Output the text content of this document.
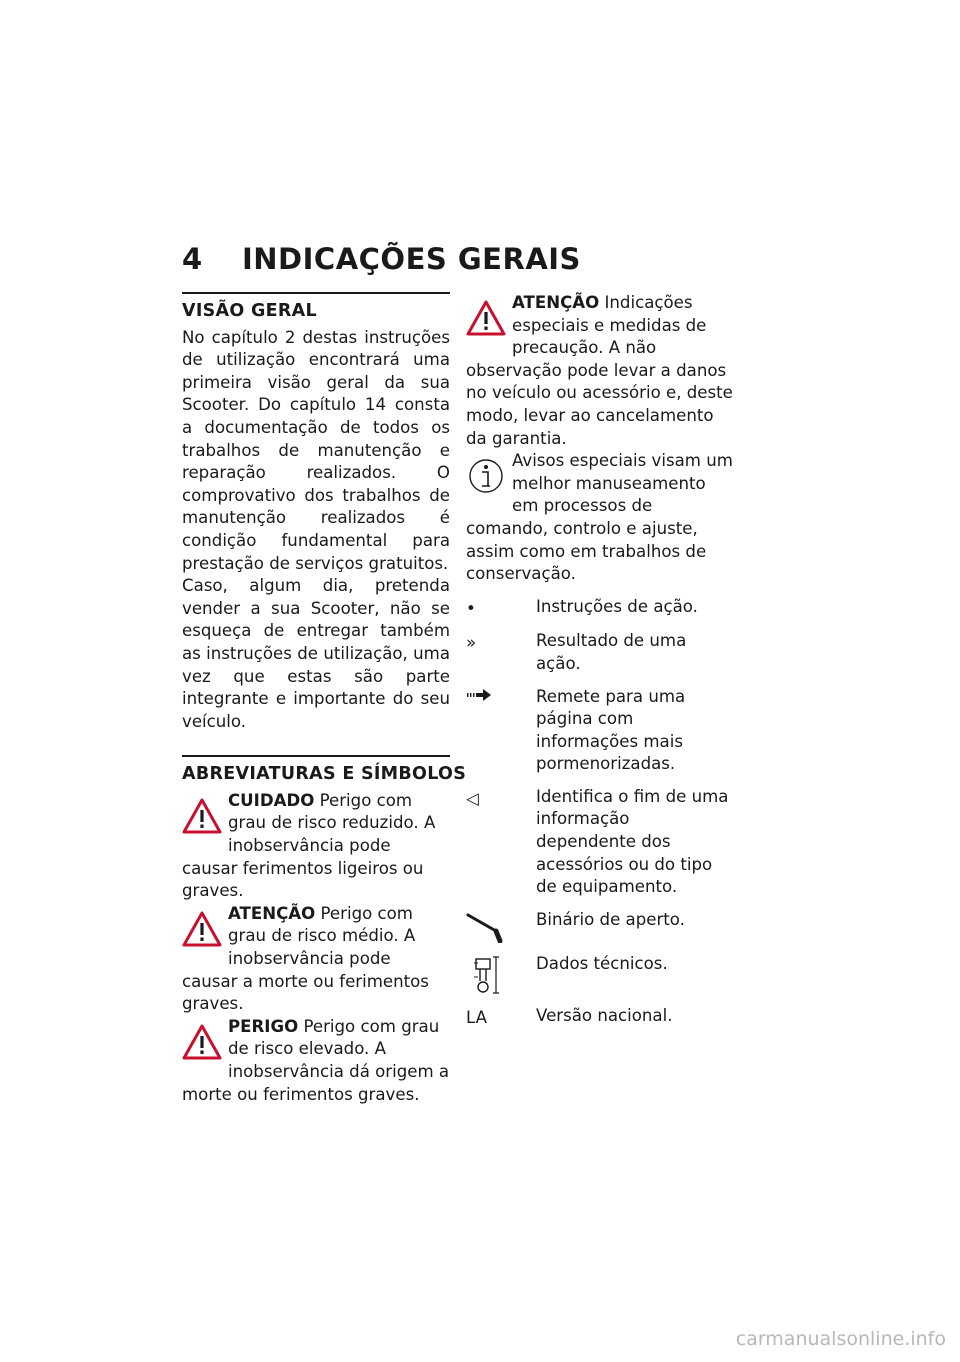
4 INDICAÇÕES GERAIS
VISÃO GERAL

No capítulo 2 destas instruções de utilização encontrará uma primeira visão geral da sua Scooter. Do capítulo 14 consta a documentação de todos os trabalhos de manutenção e reparação realizados. O comprovativo dos trabalhos de manutenção realizados é condição fundamental para prestação de serviços gratuitos.

Caso, algum dia, pretenda vender a sua Scooter, não se esqueça de entregar também as instruções de utilização, uma vez que estas são parte integrante e importante do seu veículo.

ABREVIATURAS E SÍMBOLOS

CUIDADO Perigo com grau de risco reduzido. A inobservância pode causar ferimentos ligeiros ou graves.

ATENÇÃO Perigo com grau de risco médio. A inobservância pode causar a morte ou ferimentos graves.

PERIGO Perigo com grau de risco elevado. A inobservância dá origem a morte ou ferimentos graves.

ATENÇÃO Indicações especiais e medidas de precaução. A não observação pode levar a danos no veículo ou acessório e, deste modo, levar ao cancelamento da garantia.

Avisos especiais visam um melhor manuseamento em processos de comando, controlo e ajuste, assim como em trabalhos de conservação.

•	Instruções de ação.
»	Resultado de uma ação.
Remete para uma página com informações mais pormenorizadas.
◁	Identifica o fim de uma informação dependente dos acessórios ou do tipo de equipamento.
Binário de aperto.
Dados técnicos.
LA	Versão nacional.
carmanualsonline.info
